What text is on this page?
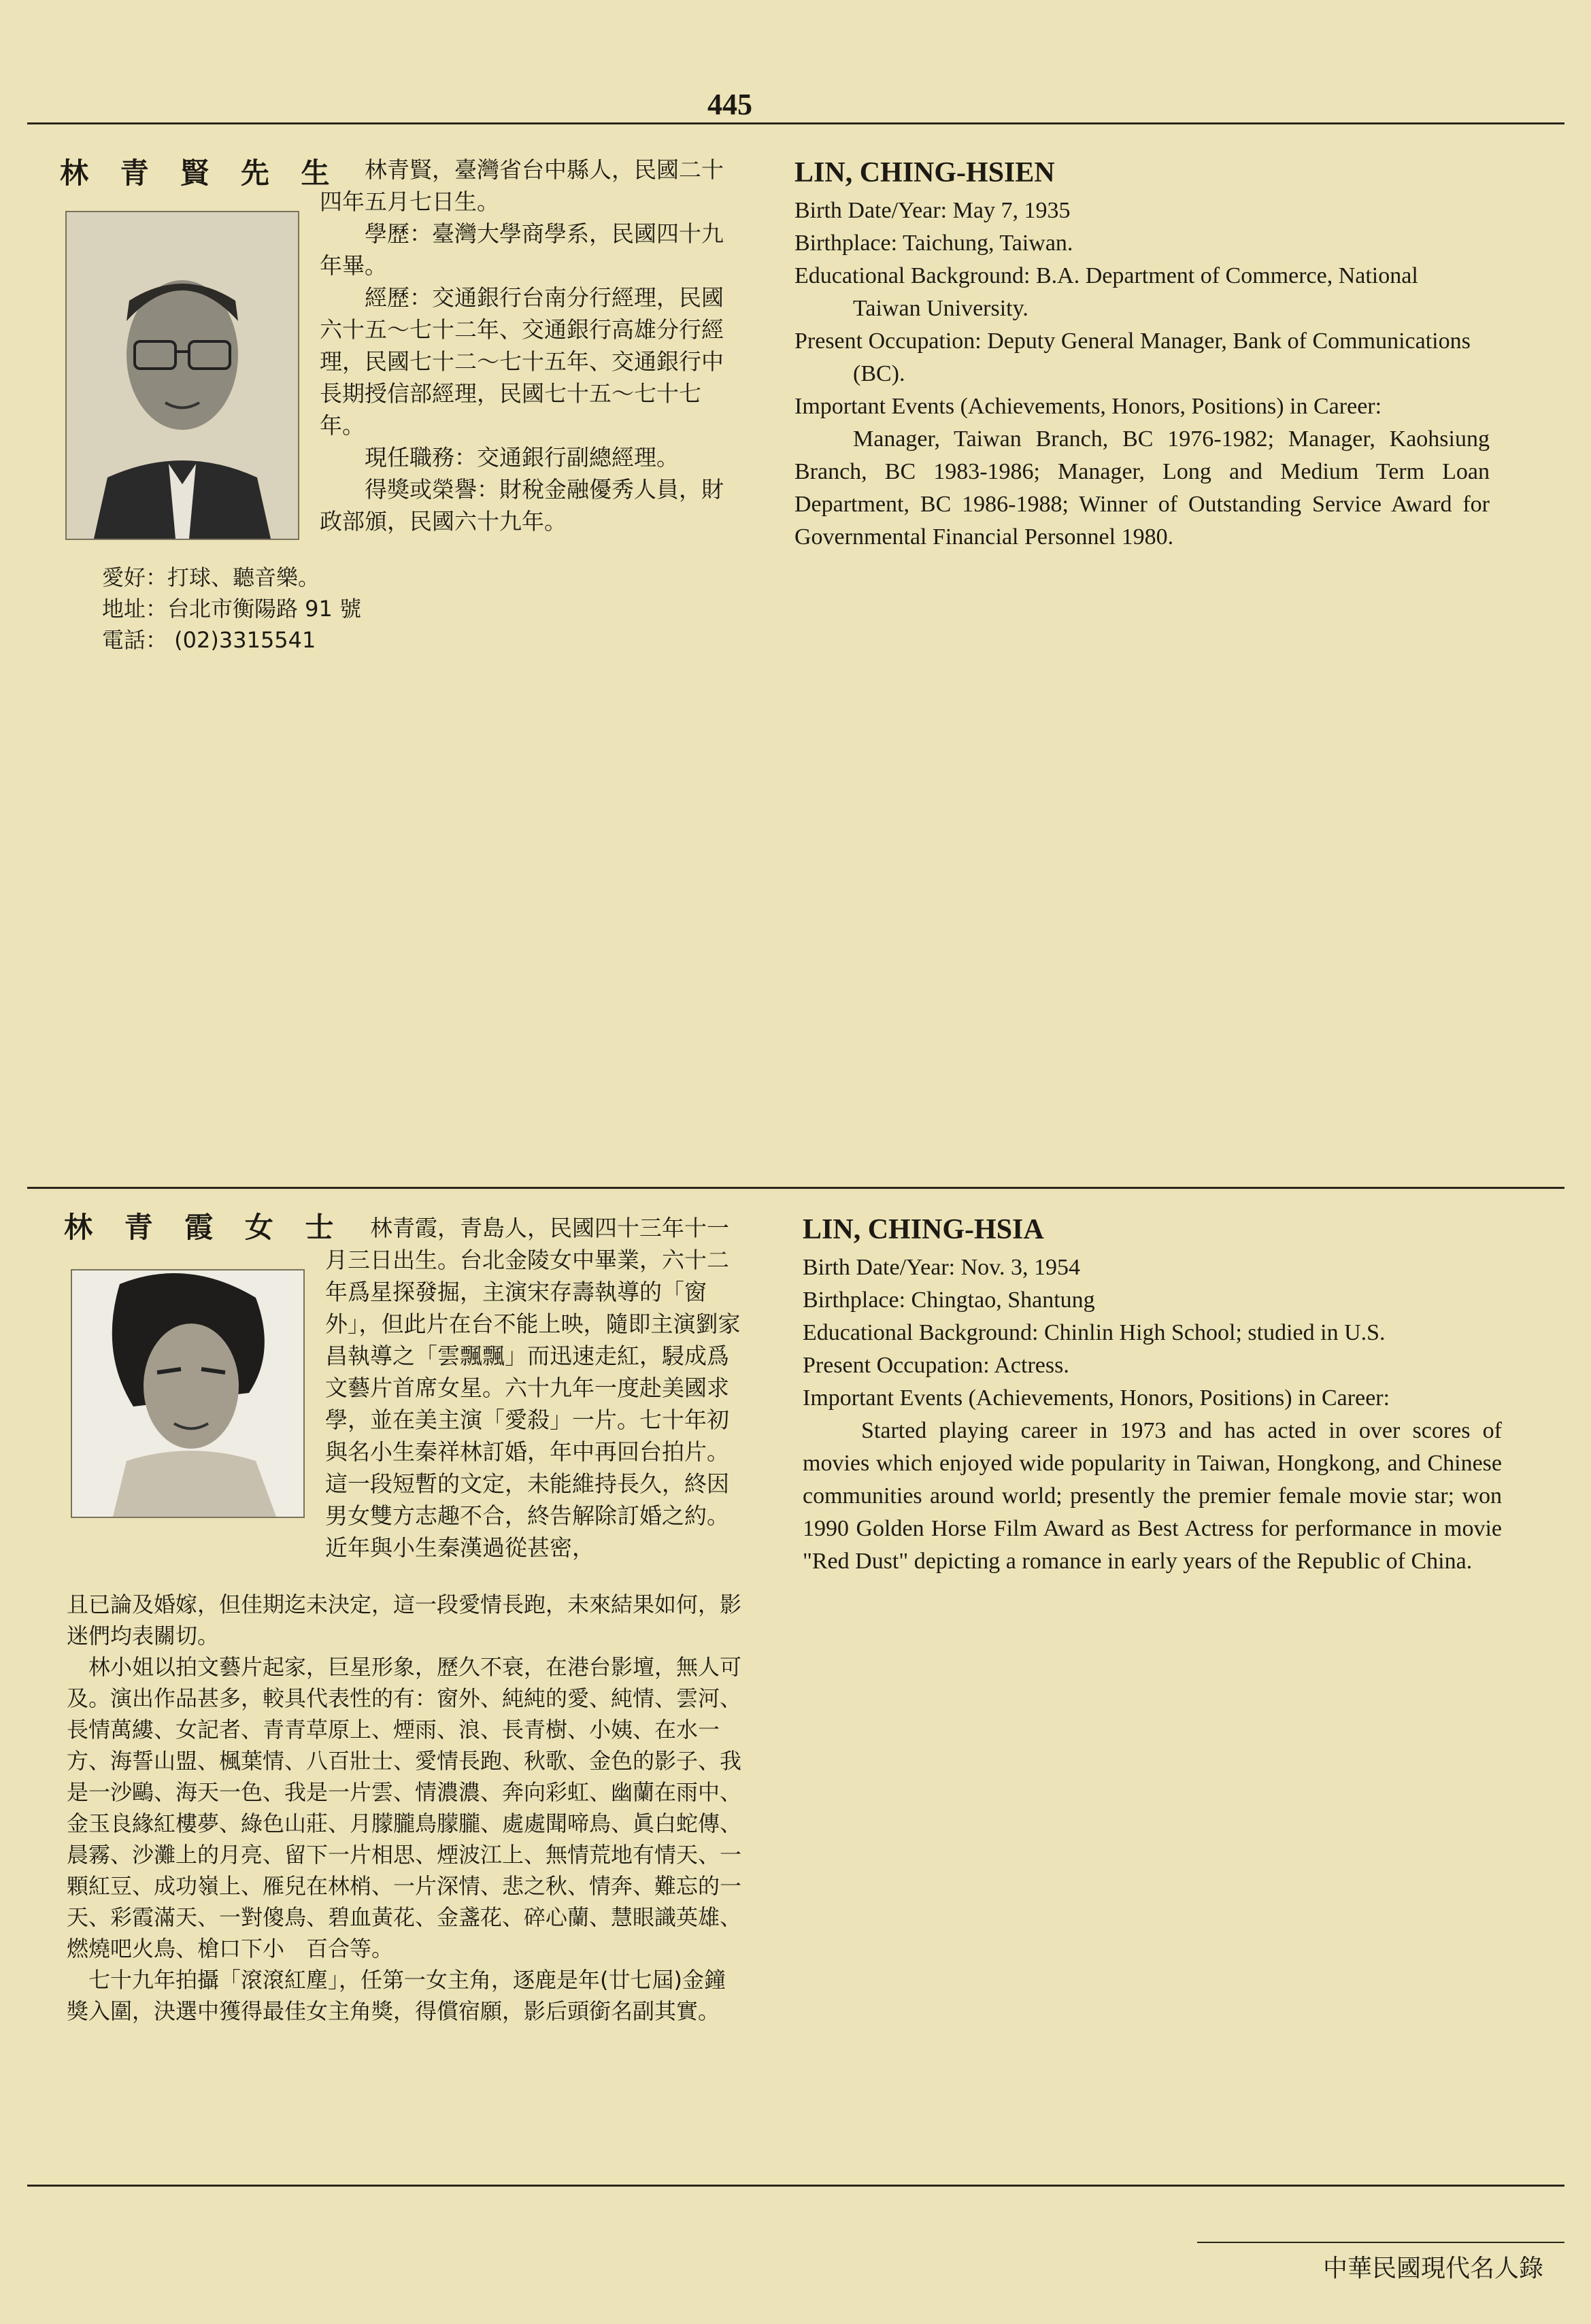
445
林 青 賢 先 生	林青賢，臺灣省台中縣人，民國二十四年五月七日生。

學歷：臺灣大學商學系，民國四十九年畢。

經歷：交通銀行台南分行經理，民國六十五～七十二年、交通銀行高雄分行經理，民國七十二～七十五年、交通銀行中長期授信部經理，民國七十五～七十七年。

現任職務：交通銀行副總經理。

得獎或榮譽：財稅金融優秀人員，財政部頒，民國六十九年。

愛好：打球、聽音樂。

地址：台北市衡陽路 91 號

電話： (02)3315541

LIN, CHING-HSIEN

Birth Date/Year: May 7, 1935

Birthplace: Taichung, Taiwan.

Educational Background: B.A. Department of Commerce, National Taiwan University.

Present Occupation: Deputy General Manager, Bank of Communications (BC).

Important Events (Achievements, Honors, Positions) in Career:

Manager, Taiwan Branch, BC 1976-1982; Manager, Kaohsiung Branch, BC 1983-1986; Manager, Long and Medium Term Loan Department, BC 1986-1988; Winner of Outstanding Service Award for Governmental Financial Personnel 1980.

林 青 霞 女 士	林青霞，青島人，民國四十三年十一月三日出生。台北金陵女中畢業，六十二年爲星探發掘，主演宋存壽執導的「窗外」，但此片在台不能上映，隨即主演劉家昌執導之「雲飄飄」而迅速走紅，駸成爲文藝片首席女星。六十九年一度赴美國求學，並在美主演「愛殺」一片。七十年初與名小生秦祥林訂婚，年中再回台拍片。這一段短暫的文定，未能維持長久，終因男女雙方志趣不合，終告解除訂婚之約。近年與小生秦漢過從甚密，

且已論及婚嫁，但佳期迄未決定，這一段愛情長跑，未來結果如何，影迷們均表關切。

　林小姐以拍文藝片起家，巨星形象，歷久不衰，在港台影壇，無人可及。演出作品甚多，較具代表性的有：窗外、純純的愛、純情、雲河、長情萬縷、女記者、青青草原上、煙雨、浪、長青樹、小姨、在水一方、海誓山盟、楓葉情、八百壯士、愛情長跑、秋歌、金色的影子、我是一沙鷗、海天一色、我是一片雲、情濃濃、奔向彩虹、幽蘭在雨中、金玉良緣紅樓夢、綠色山莊、月朦朧鳥朦朧、處處聞啼鳥、眞白蛇傳、晨霧、沙灘上的月亮、留下一片相思、煙波江上、無情荒地有情天、一顆紅豆、成功嶺上、雁兒在林梢、一片深情、悲之秋、情奔、難忘的一天、彩霞滿天、一對傻鳥、碧血黃花、金盞花、碎心蘭、慧眼識英雄、燃燒吧火鳥、槍口下小　百合等。

　七十九年拍攝「滾滾紅塵」，任第一女主角，逐鹿是年(廿七屆)金鐘獎入圍，決選中獲得最佳女主角獎，得償宿願，影后頭銜名副其實。

LIN, CHING-HSIA

Birth Date/Year: Nov. 3, 1954

Birthplace: Chingtao, Shantung

Educational Background: Chinlin High School; studied in U.S.

Present Occupation: Actress.

Important Events (Achievements, Honors, Positions) in Career:

Started playing career in 1973 and has acted in over scores of movies which enjoyed wide popularity in Taiwan, Hongkong, and Chinese communities around world; presently the premier female movie star; won 1990 Golden Horse Film Award as Best Actress for performance in movie "Red Dust" depicting a romance in early years of the Republic of China.

中華民國現代名人錄
